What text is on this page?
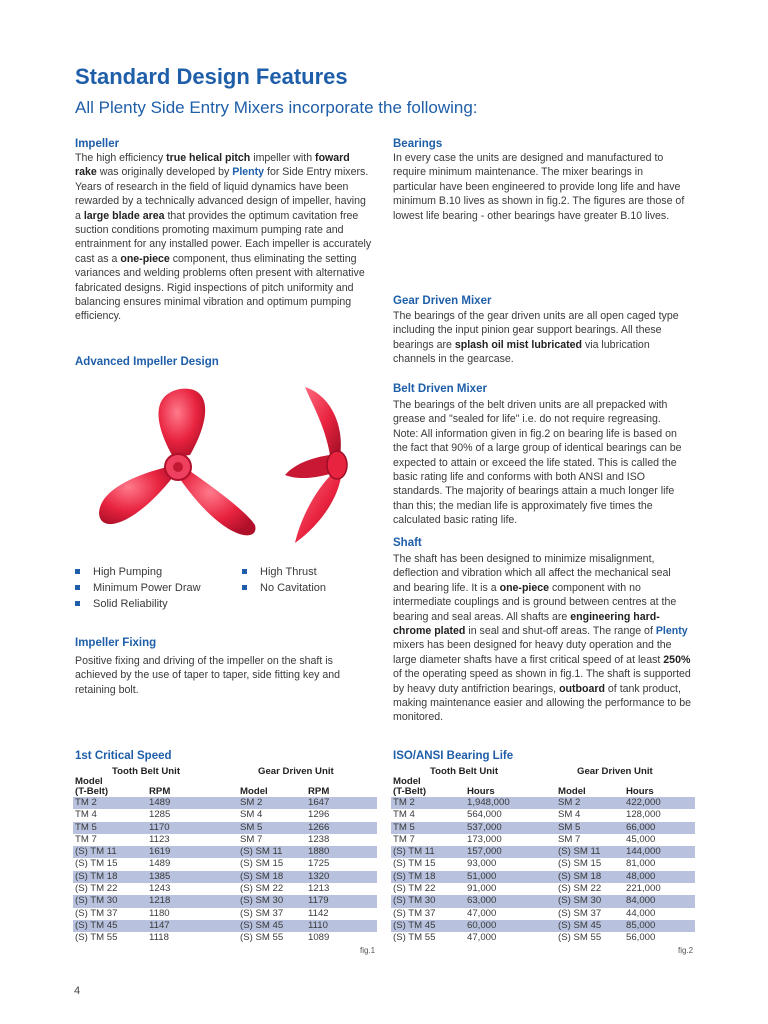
Standard Design Features
All Plenty Side Entry Mixers incorporate the following:
Impeller
The high efficiency true helical pitch impeller with foward rake was originally developed by Plenty for Side Entry mixers.
Years of research in the field of liquid dynamics have been rewarded by a technically advanced design of impeller, having a large blade area that provides the optimum cavitation free suction conditions promoting maximum pumping rate and entrainment for any installed power. Each impeller is accurately cast as a one-piece component, thus eliminating the setting variances and welding problems often present with alternative fabricated designs. Rigid inspections of pitch uniformity and balancing ensures minimal vibration and optimum pumping efficiency.
Advanced Impeller Design
High Pumping
Minimum Power Draw
Solid Reliability
High Thrust
No Cavitation
Impeller Fixing
Positive fixing and driving of the impeller on the shaft is achieved by the use of taper to taper, side fitting key and retaining bolt.
Bearings
In every case the units are designed and manufactured to require minimum maintenance. The mixer bearings in particular have been engineered to provide long life and have minimum B.10 lives as shown in fig.2. The figures are those of lowest life bearing - other bearings have greater B.10 lives.
Gear Driven Mixer
The bearings of the gear driven units are all open caged type including the input pinion gear support bearings. All these bearings are splash oil mist lubricated via lubrication channels in the gearcase.
Belt Driven Mixer
The bearings of the belt driven units are all prepacked with grease and "sealed for life" i.e. do not require regreasing. Note: All information given in fig.2 on bearing life is based on the fact that 90% of a large group of identical bearings can be expected to attain or exceed the life stated. This is called the basic rating life and conforms with both ANSI and ISO standards. The majority of bearings attain a much longer life than this; the median life is approximately five times the calculated basic rating life.
Shaft
The shaft has been designed to minimize misalignment, deflection and vibration which all affect the mechanical seal and bearing life. It is a one-piece component with no intermediate couplings and is ground between centres at the bearing and seal areas. All shafts are engineering hard-chrome plated in seal and shut-off areas. The range of Plenty mixers has been designed for heavy duty operation and the large diameter shafts have a first critical speed of at least 250% of the operating speed as shown in fig.1. The shaft is supported by heavy duty antifriction bearings, outboard of tank product, making maintenance easier and allowing the performance to be monitored.
1st Critical Speed
Tooth Belt Unit	Gear Driven Unit
Model
(T-Belt)	RPM	Model	RPM
TM 2	1489	SM 2	1647
TM 4	1285	SM 4	1296
TM 5	1170	SM 5	1266
TM 7	1123	SM 7	1238
(S) TM 11	1619	(S) SM 11	1880
(S) TM 15	1489	(S) SM 15	1725
(S) TM 18	1385	(S) SM 18	1320
(S) TM 22	1243	(S) SM 22	1213
(S) TM 30	1218	(S) SM 30	1179
(S) TM 37	1180	(S) SM 37	1142
(S) TM 45	1147	(S) SM 45	1110
(S) TM 55	1118	(S) SM 55	1089
fig.1
ISO/ANSI Bearing Life
Tooth Belt Unit	Gear Driven Unit
Model
(T-Belt)	Hours	Model	Hours
TM 2	1,948,000	SM 2	422,000
TM 4	564,000	SM 4	128,000
TM 5	537,000	SM 5	66,000
TM 7	173,000	SM 7	45,000
(S) TM 11	157,000	(S) SM 11	144,000
(S) TM 15	93,000	(S) SM 15	81,000
(S) TM 18	51,000	(S) SM 18	48,000
(S) TM 22	91,000	(S) SM 22	221,000
(S) TM 30	63,000	(S) SM 30	84,000
(S) TM 37	47,000	(S) SM 37	44,000
(S) TM 45	60,000	(S) SM 45	85,000
(S) TM 55	47,000	(S) SM 55	56,000
fig.2
4
